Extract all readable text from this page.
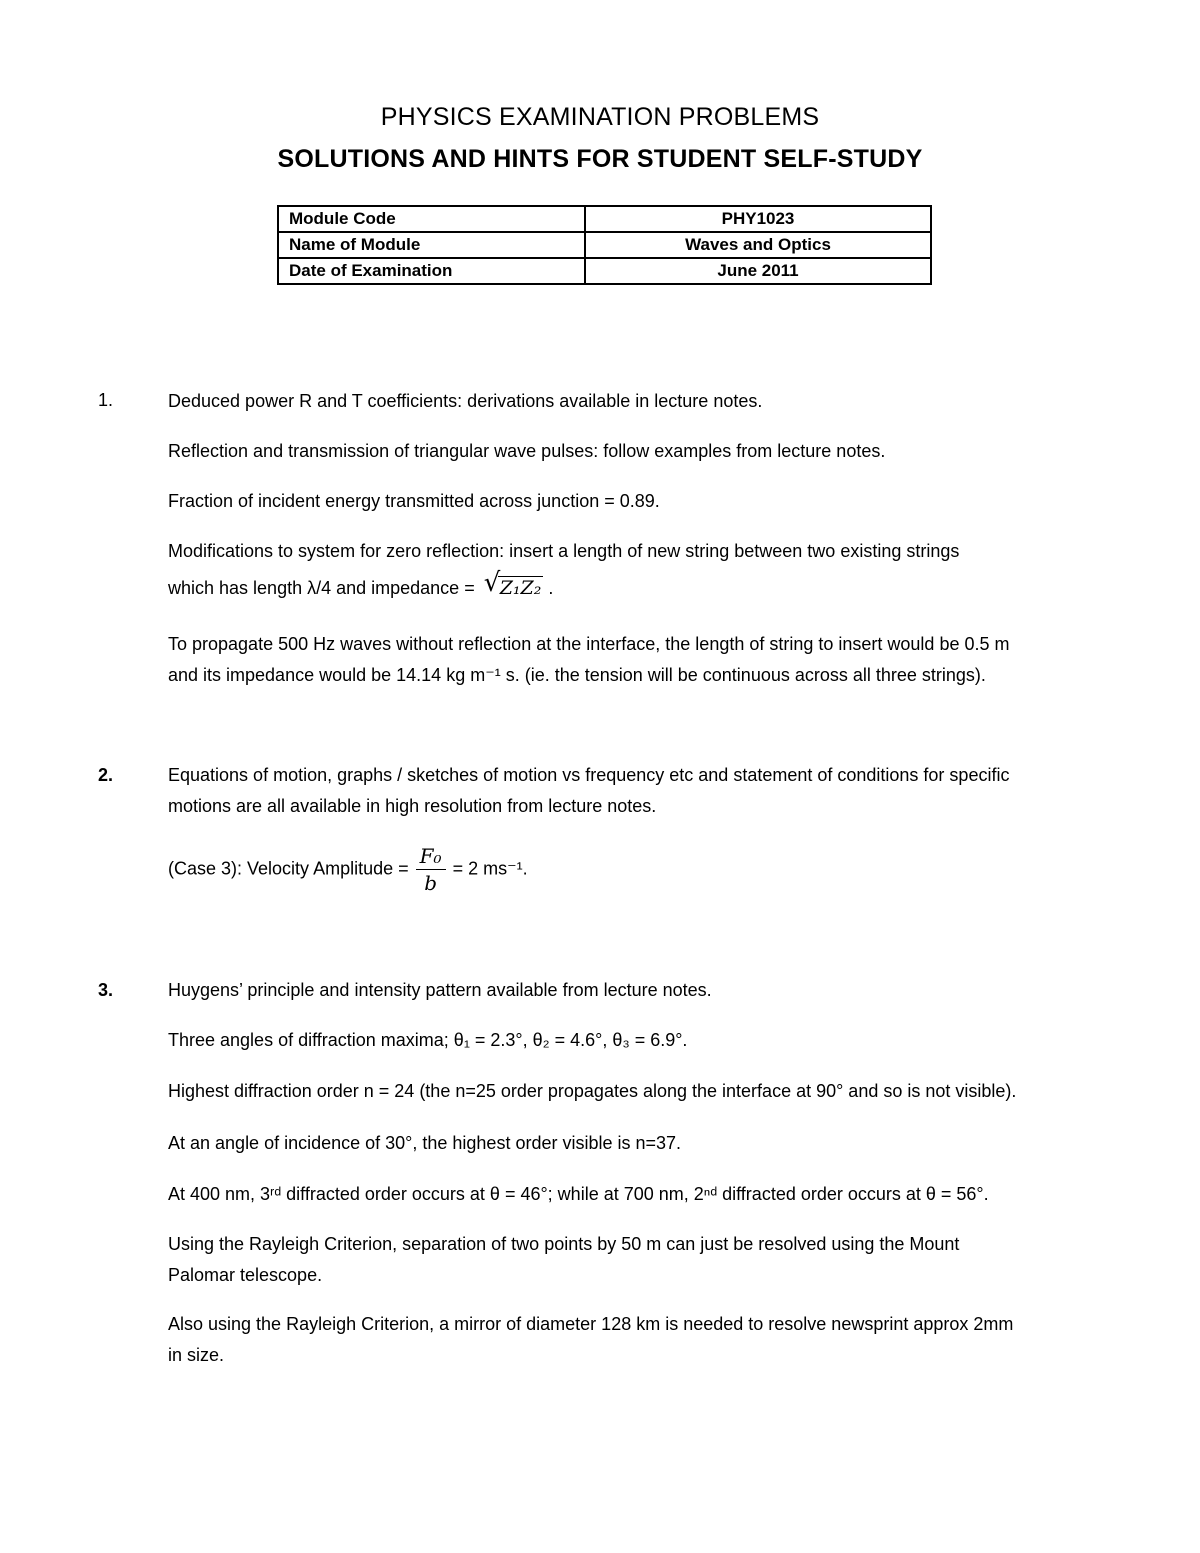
PHYSICS EXAMINATION PROBLEMS
SOLUTIONS AND HINTS FOR STUDENT SELF-STUDY
Module Code	PHY1023
Name of Module	Waves and Optics
Date of Examination	June 2011
1.	Deduced power R and T coefficients: derivations available in lecture notes.
Reflection and transmission of triangular wave pulses: follow examples from lecture notes.
Fraction of incident energy transmitted across junction = 0.89.
Modifications to system for zero reflection: insert a length of new string between two existing strings
which has length λ/4 and impedance = √ Z₁Z₂ .
To propagate 500 Hz waves without reflection at the interface, the length of string to insert would be 0.5 m
and its impedance would be 14.14 kg m⁻¹ s. (ie. the tension will be continuous across all three strings).
2.	Equations of motion, graphs / sketches of motion vs frequency etc and statement of conditions for specific
motions are all available in high resolution from lecture notes.
(Case 3): Velocity Amplitude = $\frac{\text{F₀}}{b} = 2$ ms⁻¹.
3.	Huygens’ principle and intensity pattern available from lecture notes.
Three angles of diffraction maxima; θ₁ = 2.3°, θ₂ = 4.6°, θ₃ = 6.9°.
Highest diffraction order n = 24 (the n=25 order propagates along the interface at 90° and so is not visible).
At an angle of incidence of 30°, the highest order visible is n=37.
At 400 nm, 3ʳᵈ diffracted order occurs at θ = 46°; while at 700 nm, 2ⁿᵈ diffracted order occurs at θ = 56°.
Using the Rayleigh Criterion, separation of two points by 50 m can just be resolved using the Mount
Palomar telescope.
Also using the Rayleigh Criterion, a mirror of diameter 128 km is needed to resolve newsprint approx 2mm
in size.
